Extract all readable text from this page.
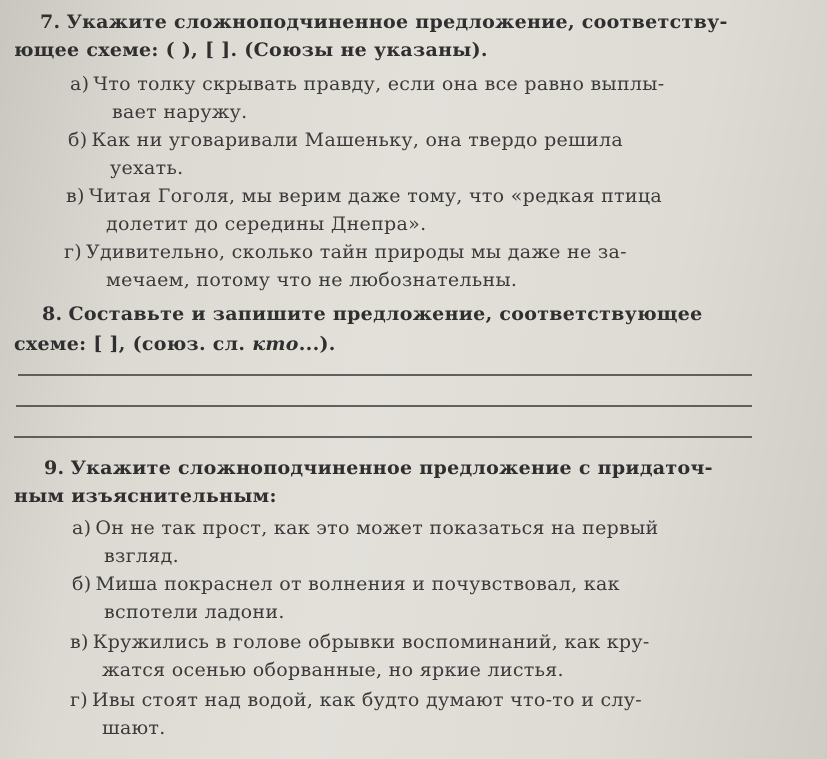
7. Укажите сложноподчиненное предложение, соответству-
ющее схеме: ( ), [ ]. (Союзы не указаны).
а) Что толку скрывать правду, если она все равно выплы-
вает наружу.
б) Как ни уговаривали Машеньку, она твердо решила
уехать.
в) Читая Гоголя, мы верим даже тому, что «редкая птица
долетит до середины Днепра».
г) Удивительно, сколько тайн природы мы даже не за-
мечаем, потому что не любознательны.
8. Составьте и запишите предложение, соответствующее
схеме: [ ], (союз. сл. кто...).
9. Укажите сложноподчиненное предложение с придаточ-
ным изъяснительным:
а) Он не так прост, как это может показаться на первый
взгляд.
б) Миша покраснел от волнения и почувствовал, как
вспотели ладони.
в) Кружились в голове обрывки воспоминаний, как кру-
жатся осенью оборванные, но яркие листья.
г) Ивы стоят над водой, как будто думают что-то и слу-
шают.
